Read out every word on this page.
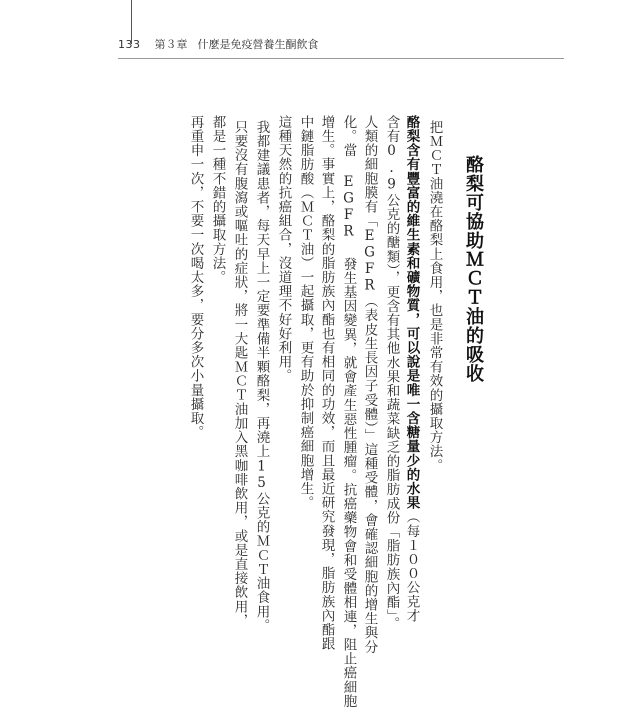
133 第３章 什麼是免疫營養生酮飲食
酪梨可協助ＭＣＴ油的吸收
把ＭＣＴ油澆在酪梨上食用，也是非常有效的攝取方法。
酪梨含有豐富的維生素和礦物質，可以說是唯一含糖量少的水果（每１００公克才
含有0.9公克的醣類），更含有其他水果和蔬菜缺乏的脂肪成份「脂肪族內酯」。
人類的細胞膜有「EGFR（表皮生長因子受體）」這種受體，會確認細胞的增生與分
化。當 EGFR 發生基因變異，就會產生惡性腫瘤。抗癌藥物會和受體相連，阻止癌細胞
增生。事實上，酪梨的脂肪族內酯也有相同的功效，而且最近研究發現，脂肪族內酯跟
中鏈脂肪酸（ＭＣＴ油）一起攝取，更有助於抑制癌細胞增生。
這種天然的抗癌組合，沒道理不好好利用。
我都建議患者，每天早上一定要準備半顆酪梨，再澆上15公克的ＭＣＴ油食用。
只要沒有腹瀉或嘔吐的症狀，將一大匙ＭＣＴ油加入黑咖啡飲用，或是直接飲用，
都是一種不錯的攝取方法。
再重申一次，不要一次喝太多，要分多次小量攝取。
